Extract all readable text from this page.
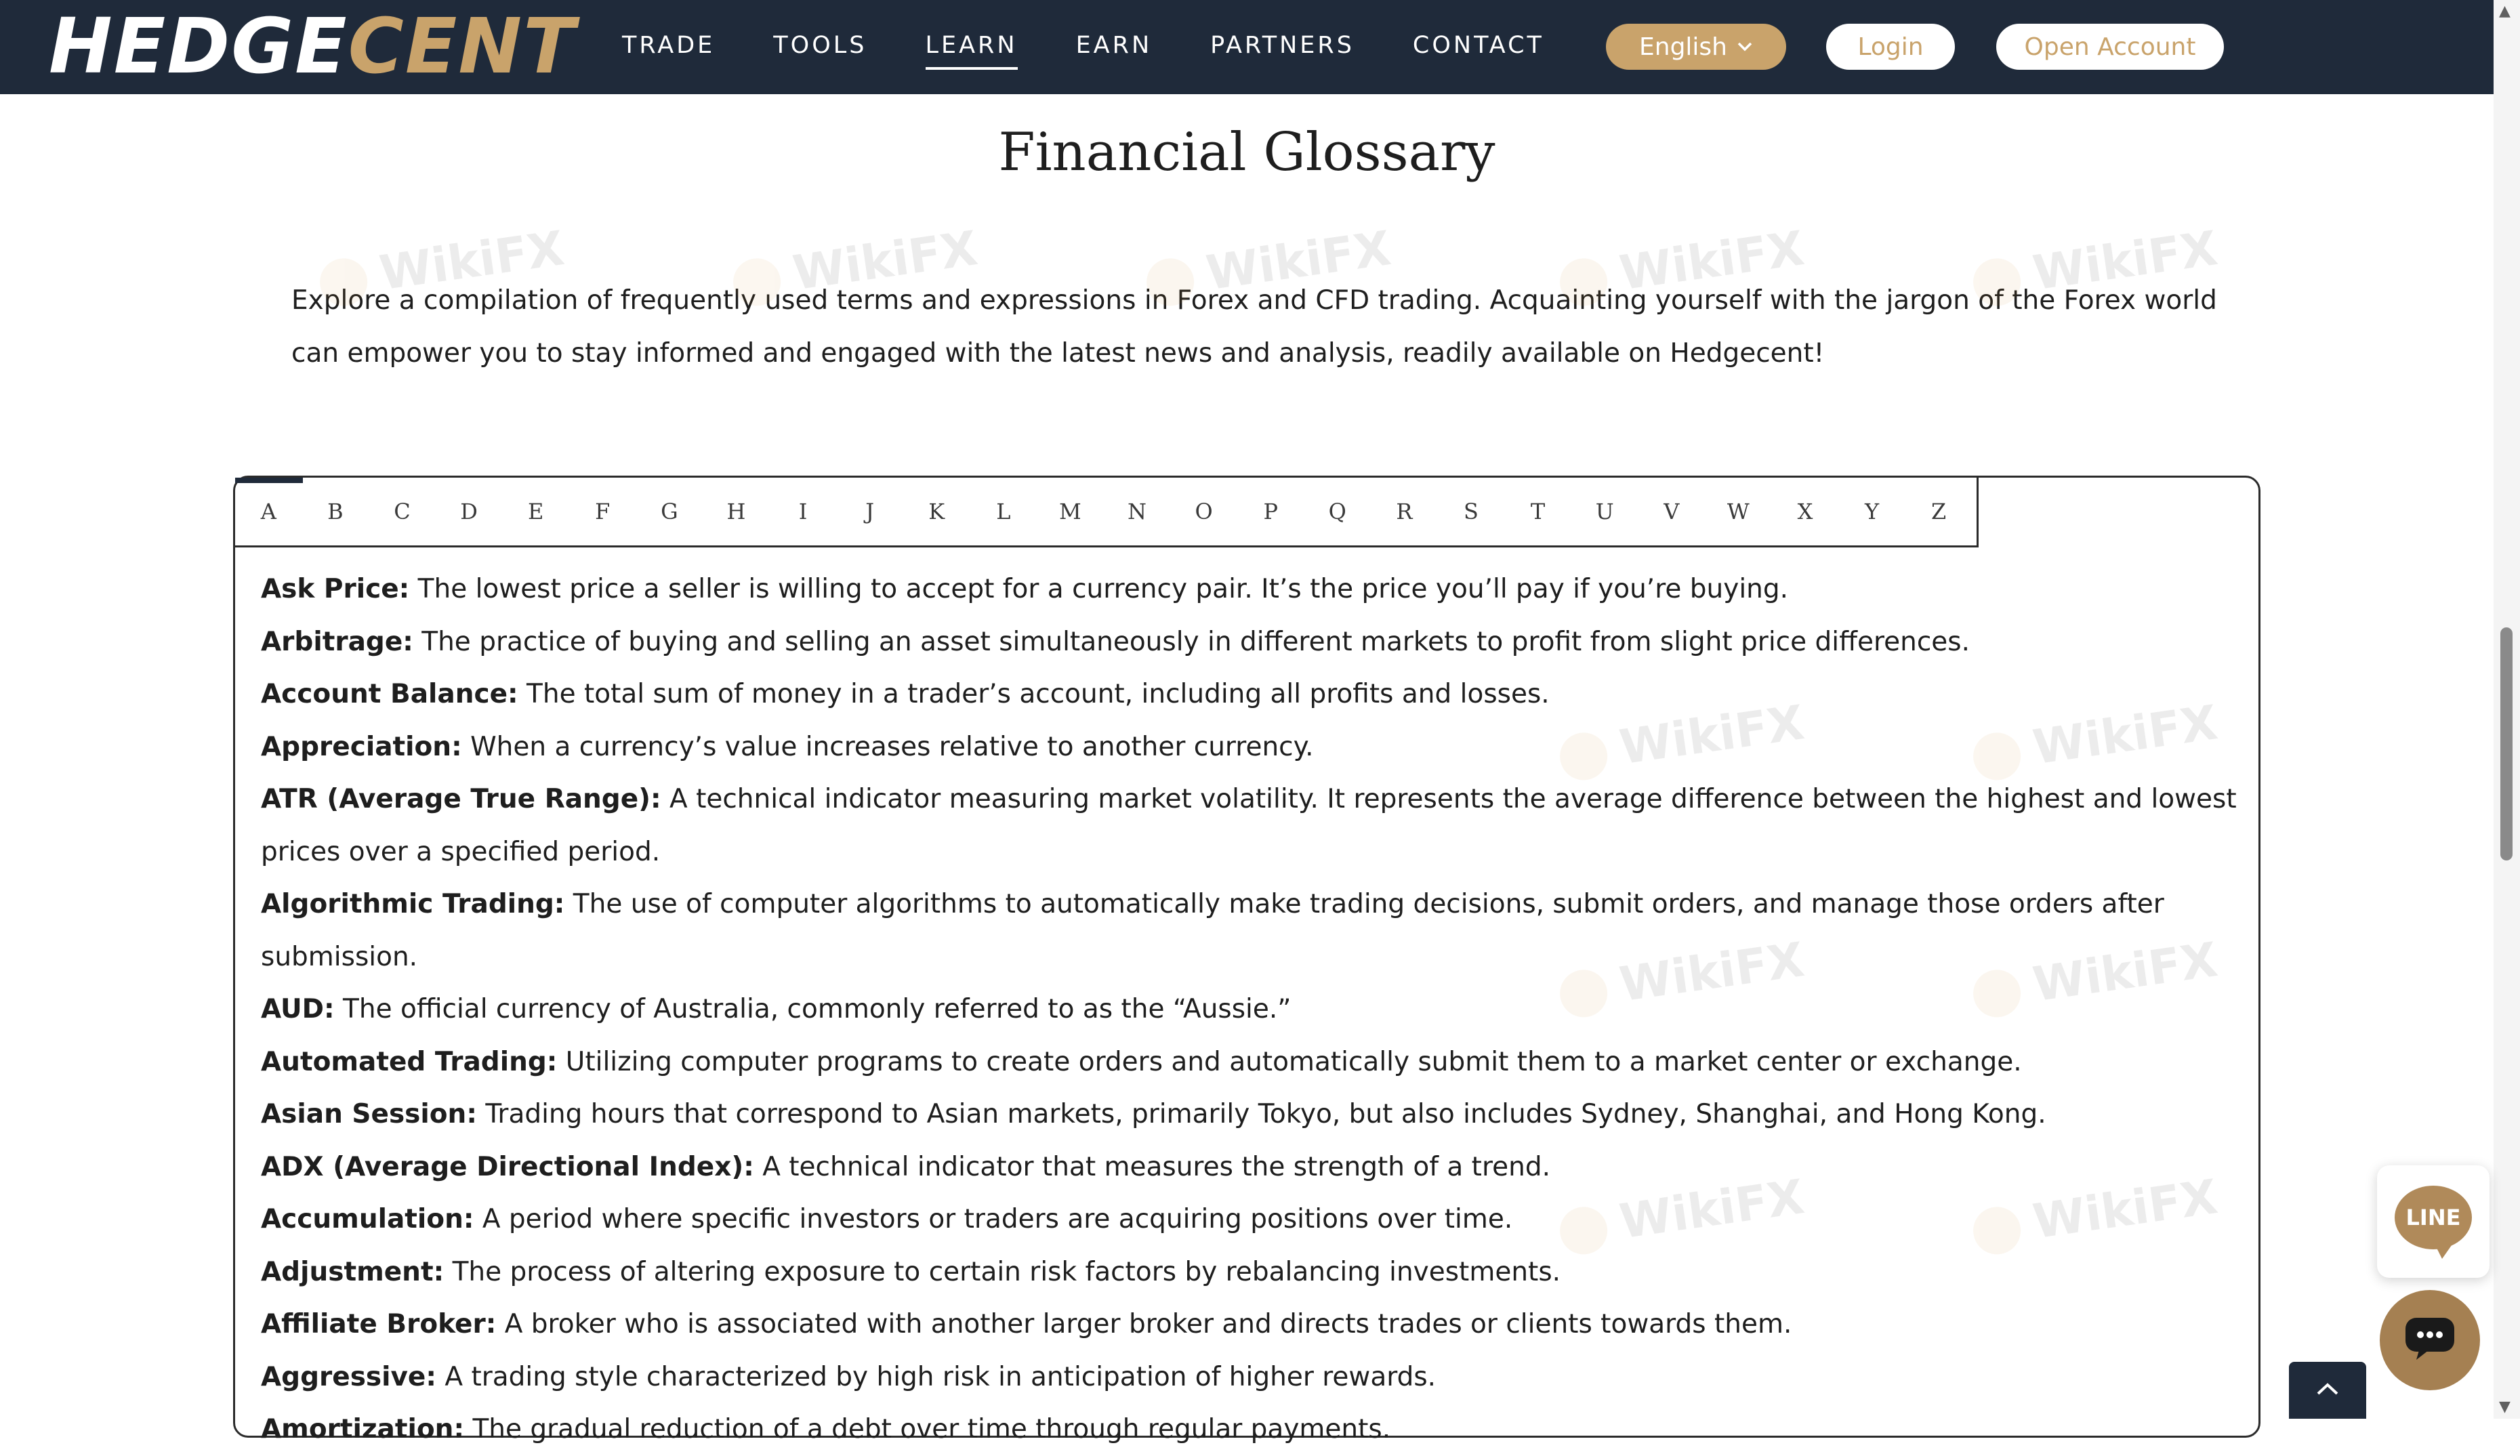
HEDGE CENT TRADE TOOLS LEARN EARN PARTNERS CONTACT	English	Login	Open Account
▲
▼
Financial Glossary
Explore a compilation of frequently used terms and expressions in Forex and CFD trading. Acquainting yourself with the jargon of the Forex world can empower you to stay informed and engaged with the latest news and analysis, readily available on Hedgecent!
A	B	C	D	E	F	G	H	I	J	K	L	M	N	O	P	Q	R	S	T	U	V	W	X	Y	Z
Ask Price: The lowest price a seller is willing to accept for a currency pair. It’s the price you’ll pay if you’re buying.
Arbitrage: The practice of buying and selling an asset simultaneously in different markets to profit from slight price differences.
Account Balance: The total sum of money in a trader’s account, including all profits and losses.
Appreciation: When a currency’s value increases relative to another currency.
ATR (Average True Range): A technical indicator measuring market volatility. It represents the average difference between the highest and lowest prices over a specified period.
Algorithmic Trading: The use of computer algorithms to automatically make trading decisions, submit orders, and manage those orders after submission.
AUD: The official currency of Australia, commonly referred to as the “Aussie.”
Automated Trading: Utilizing computer programs to create orders and automatically submit them to a market center or exchange.
Asian Session: Trading hours that correspond to Asian markets, primarily Tokyo, but also includes Sydney, Shanghai, and Hong Kong.
ADX (Average Directional Index): A technical indicator that measures the strength of a trend.
Accumulation: A period where specific investors or traders are acquiring positions over time.
Adjustment: The process of altering exposure to certain risk factors by rebalancing investments.
Affiliate Broker: A broker who is associated with another larger broker and directs trades or clients towards them.
Aggressive: A trading style characterized by high risk in anticipation of higher rewards.
Amortization: The gradual reduction of a debt over time through regular payments.
WikiFX	WikiFX	WikiFX	WikiFX	WikiFX
LINE
